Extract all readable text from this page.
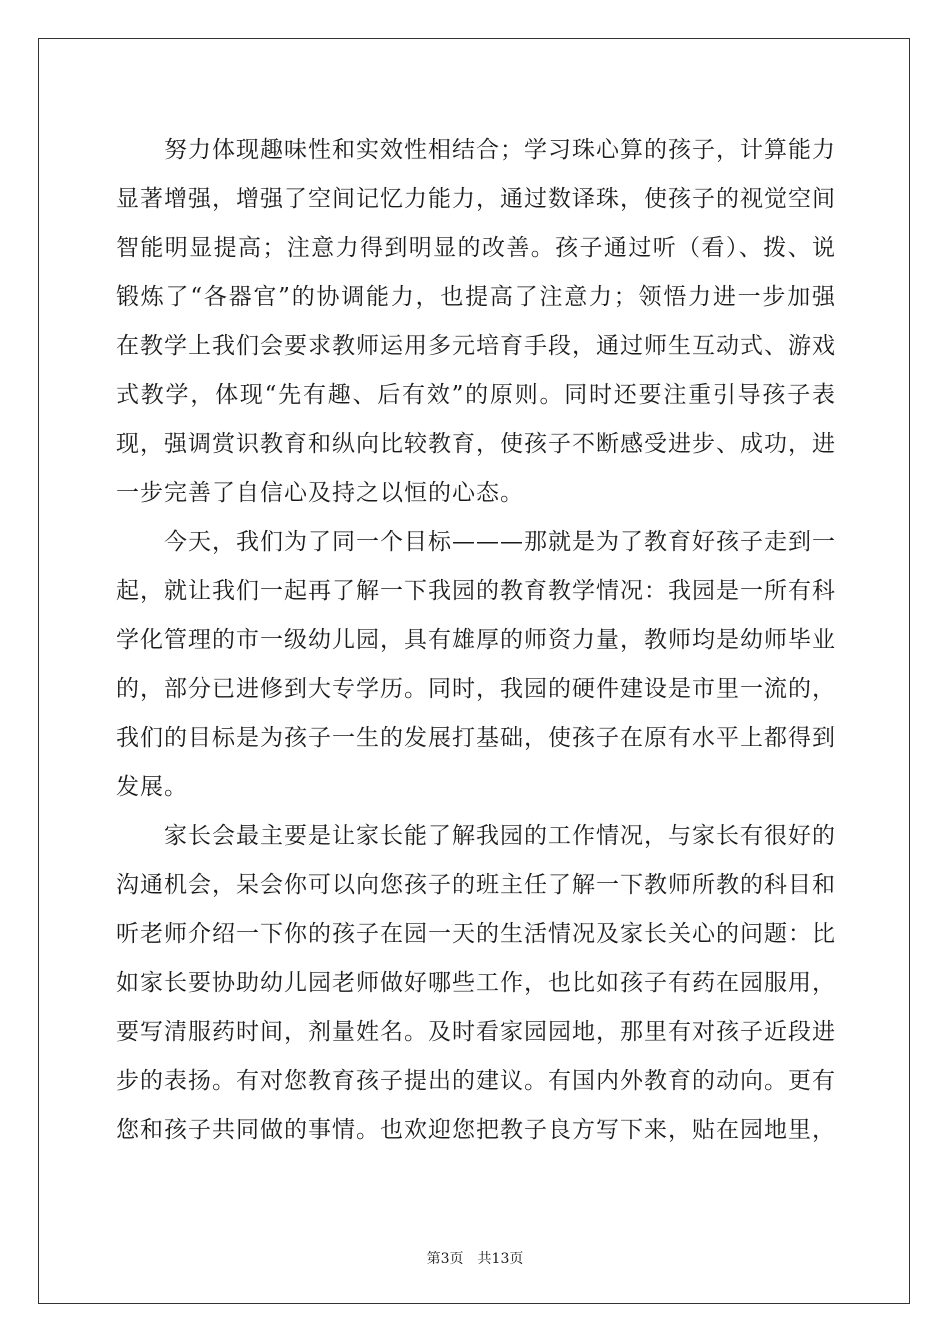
　　努力体现趣味性和实效性相结合；学习珠心算的孩子，计算能力
显著增强，增强了空间记忆力能力，通过数译珠，使孩子的视觉空间
智能明显提高；注意力得到明显的改善。孩子通过听（看）、拨、说
锻炼了“各器官”的协调能力，也提高了注意力；领悟力进一步加强
在教学上我们会要求教师运用多元培育手段，通过师生互动式、游戏
式教学，体现“先有趣、后有效”的原则。同时还要注重引导孩子表
现，强调赏识教育和纵向比较教育，使孩子不断感受进步、成功，进
一步完善了自信心及持之以恒的心态。
　　今天，我们为了同一个目标———那就是为了教育好孩子走到一
起，就让我们一起再了解一下我园的教育教学情况：我园是一所有科
学化管理的市一级幼儿园，具有雄厚的师资力量，教师均是幼师毕业
的，部分已进修到大专学历。同时，我园的硬件建设是市里一流的，
我们的目标是为孩子一生的发展打基础，使孩子在原有水平上都得到
发展。
　　家长会最主要是让家长能了解我园的工作情况，与家长有很好的
沟通机会，呆会你可以向您孩子的班主任了解一下教师所教的科目和
听老师介绍一下你的孩子在园一天的生活情况及家长关心的问题：比
如家长要协助幼儿园老师做好哪些工作，也比如孩子有药在园服用，
要写清服药时间，剂量姓名。及时看家园园地，那里有对孩子近段进
步的表扬。有对您教育孩子提出的建议。有国内外教育的动向。更有
您和孩子共同做的事情。也欢迎您把教子良方写下来，贴在园地里，
第3页 共13页
